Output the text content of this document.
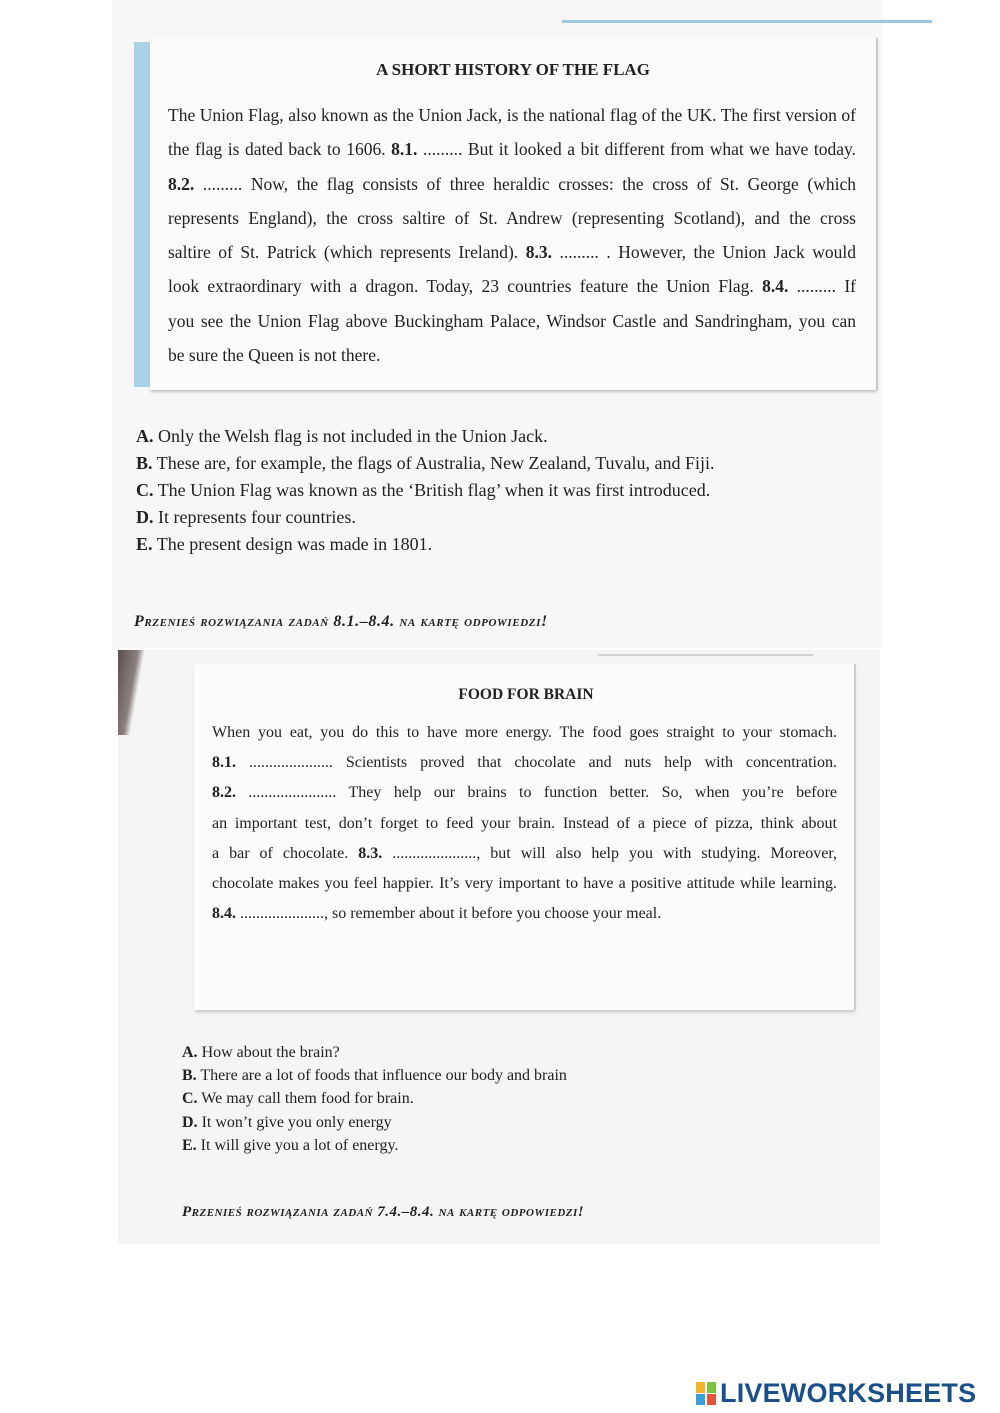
A SHORT HISTORY OF THE FLAG
The Union Flag, also known as the Union Jack, is the national flag of the UK. The first version of
the flag is dated back to 1606. 8.1. ......... But it looked a bit different from what we have today.
8.2. ......... Now, the flag consists of three heraldic crosses: the cross of St. George (which
represents England), the cross saltire of St. Andrew (representing Scotland), and the cross
saltire of St. Patrick (which represents Ireland). 8.3. ......... . However, the Union Jack would
look extraordinary with a dragon. Today, 23 countries feature the Union Flag. 8.4. ......... If
you see the Union Flag above Buckingham Palace, Windsor Castle and Sandringham, you can
be sure the Queen is not there.
A. Only the Welsh flag is not included in the Union Jack.
B. These are, for example, the flags of Australia, New Zealand, Tuvalu, and Fiji.
C. The Union Flag was known as the ‘British flag’ when it was first introduced.
D. It represents four countries.
E. The present design was made in 1801.
Przenieś rozwiązania zadań 8.1.–8.4. na kartę odpowiedzi!
FOOD FOR BRAIN
When you eat, you do this to have more energy. The food goes straight to your stomach.
8.1. ..................... Scientists proved that chocolate and nuts help with concentration.
8.2. ...................... They help our brains to function better. So, when you’re before
an important test, don’t forget to feed your brain. Instead of a piece of pizza, think about
a bar of chocolate. 8.3. ....................., but will also help you with studying. Moreover,
chocolate makes you feel happier. It’s very important to have a positive attitude while learning.
8.4. ....................., so remember about it before you choose your meal.
A. How about the brain?
B. There are a lot of foods that influence our body and brain
C. We may call them food for brain.
D. It won’t give you only energy
E. It will give you a lot of energy.
Przenieś rozwiązania zadań 7.4.–8.4. na kartę odpowiedzi!
LIVEWORKSHEETS
